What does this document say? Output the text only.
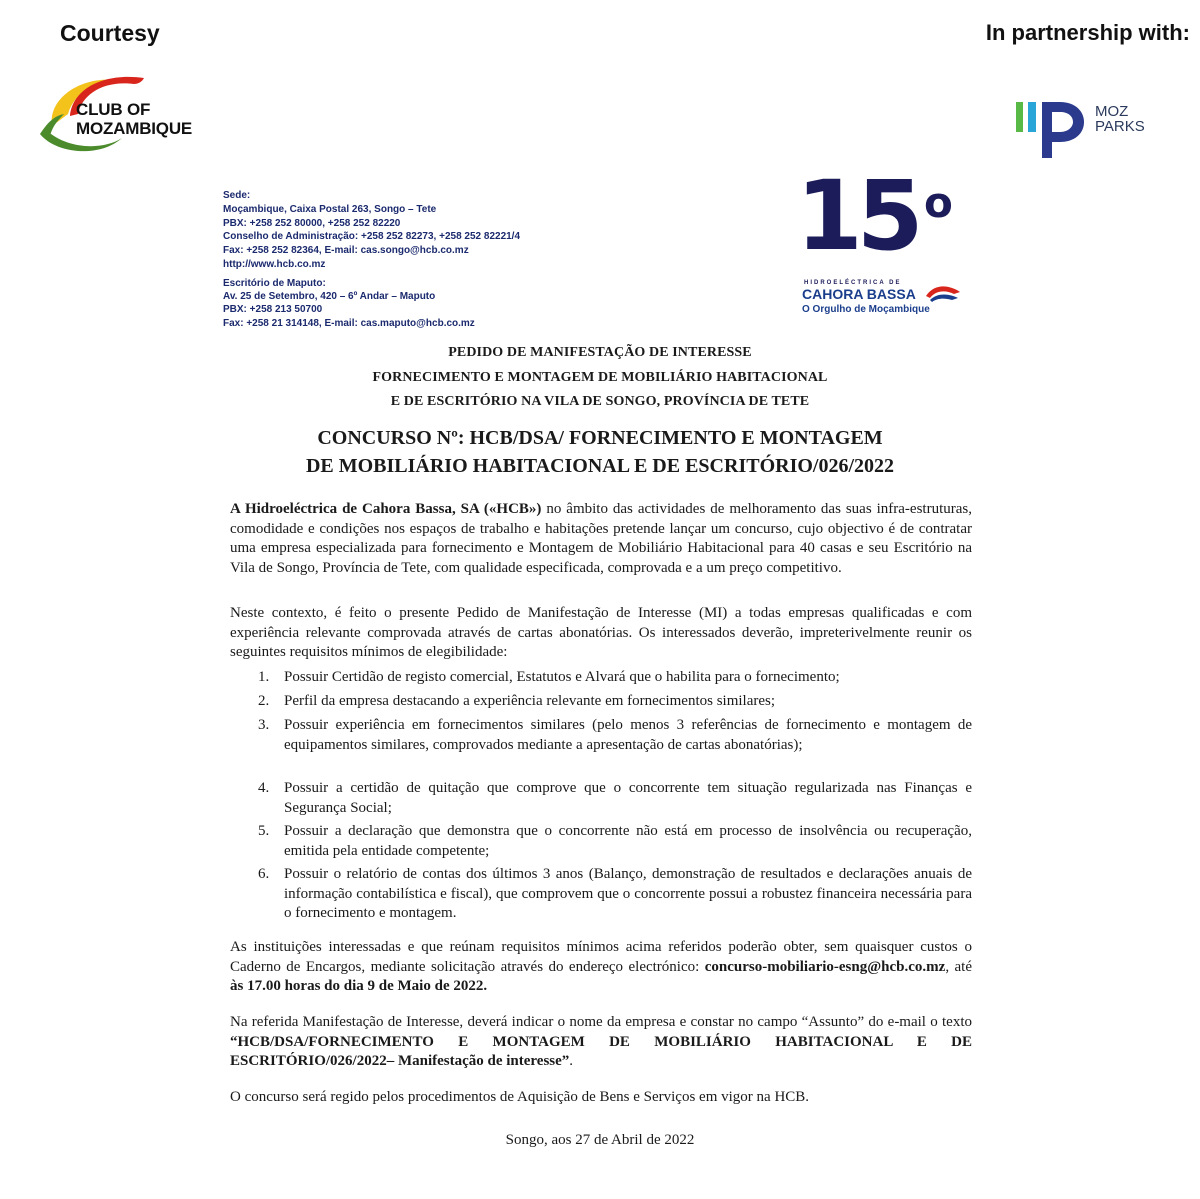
Courtesy	In partnership with:
CLUB OF
MOZAMBIQUE
MOZ
PARKS
Sede:
Moçambique, Caixa Postal 263, Songo – Tete
PBX: +258 252 80000, +258 252 82220
Conselho de Administração: +258 252 82273, +258 252 82221/4
Fax: +258 252 82364, E-mail: cas.songo@hcb.co.mz
http://www.hcb.co.mz
Escritório de Maputo:
Av. 25 de Setembro, 420 – 6º Andar – Maputo
PBX: +258 213 50700
Fax: +258 21 314148, E-mail: cas.maputo@hcb.co.mz
15 o
HIDROELÉCTRICA DE
CAHORA BASSA
O Orgulho de Moçambique
PEDIDO DE MANIFESTAÇÃO DE INTERESSE
FORNECIMENTO E MONTAGEM DE MOBILIÁRIO HABITACIONAL
E DE ESCRITÓRIO NA VILA DE SONGO, PROVÍNCIA DE TETE
CONCURSO Nº: HCB/DSA/ FORNECIMENTO E MONTAGEM
DE MOBILIÁRIO HABITACIONAL E DE ESCRITÓRIO/026/2022
A Hidroeléctrica de Cahora Bassa, SA («HCB») no âmbito das actividades de melhoramento das suas infra-estruturas, comodidade e condições nos espaços de trabalho e habitações pretende lançar um concurso, cujo objectivo é de contratar uma empresa especializada para fornecimento e Montagem de Mobiliário Habitacional para 40 casas e seu Escritório na Vila de Songo, Província de Tete, com qualidade especificada, comprovada e a um preço competitivo.
Neste contexto, é feito o presente Pedido de Manifestação de Interesse (MI) a todas empresas qualificadas e com experiência relevante comprovada através de cartas abonatórias. Os interessados deverão, impreterivelmente reunir os seguintes requisitos mínimos de elegibilidade:
1. Possuir Certidão de registo comercial, Estatutos e Alvará que o habilita para o fornecimento;
2. Perfil da empresa destacando a experiência relevante em fornecimentos similares;
3. Possuir experiência em fornecimentos similares (pelo menos 3 referências de fornecimento e montagem de equipamentos similares, comprovados mediante a apresentação de cartas abonatórias);
4. Possuir a certidão de quitação que comprove que o concorrente tem situação regularizada nas Finanças e Segurança Social;
5. Possuir a declaração que demonstra que o concorrente não está em processo de insolvência ou recuperação, emitida pela entidade competente;
6. Possuir o relatório de contas dos últimos 3 anos (Balanço, demonstração de resultados e declarações anuais de informação contabilística e fiscal), que comprovem que o concorrente possui a robustez financeira necessária para o fornecimento e montagem.
As instituições interessadas e que reúnam requisitos mínimos acima referidos poderão obter, sem quaisquer custos o Caderno de Encargos, mediante solicitação através do endereço electrónico: concurso-mobiliario-esng@hcb.co.mz, até às 17.00 horas do dia 9 de Maio de 2022.
Na referida Manifestação de Interesse, deverá indicar o nome da empresa e constar no campo “Assunto” do e-mail o texto “HCB/DSA/FORNECIMENTO E MONTAGEM DE MOBILIÁRIO HABITACIONAL E DE ESCRITÓRIO/026/2022– Manifestação de interesse”.
O concurso será regido pelos procedimentos de Aquisição de Bens e Serviços em vigor na HCB.
Songo, aos 27 de Abril de 2022
